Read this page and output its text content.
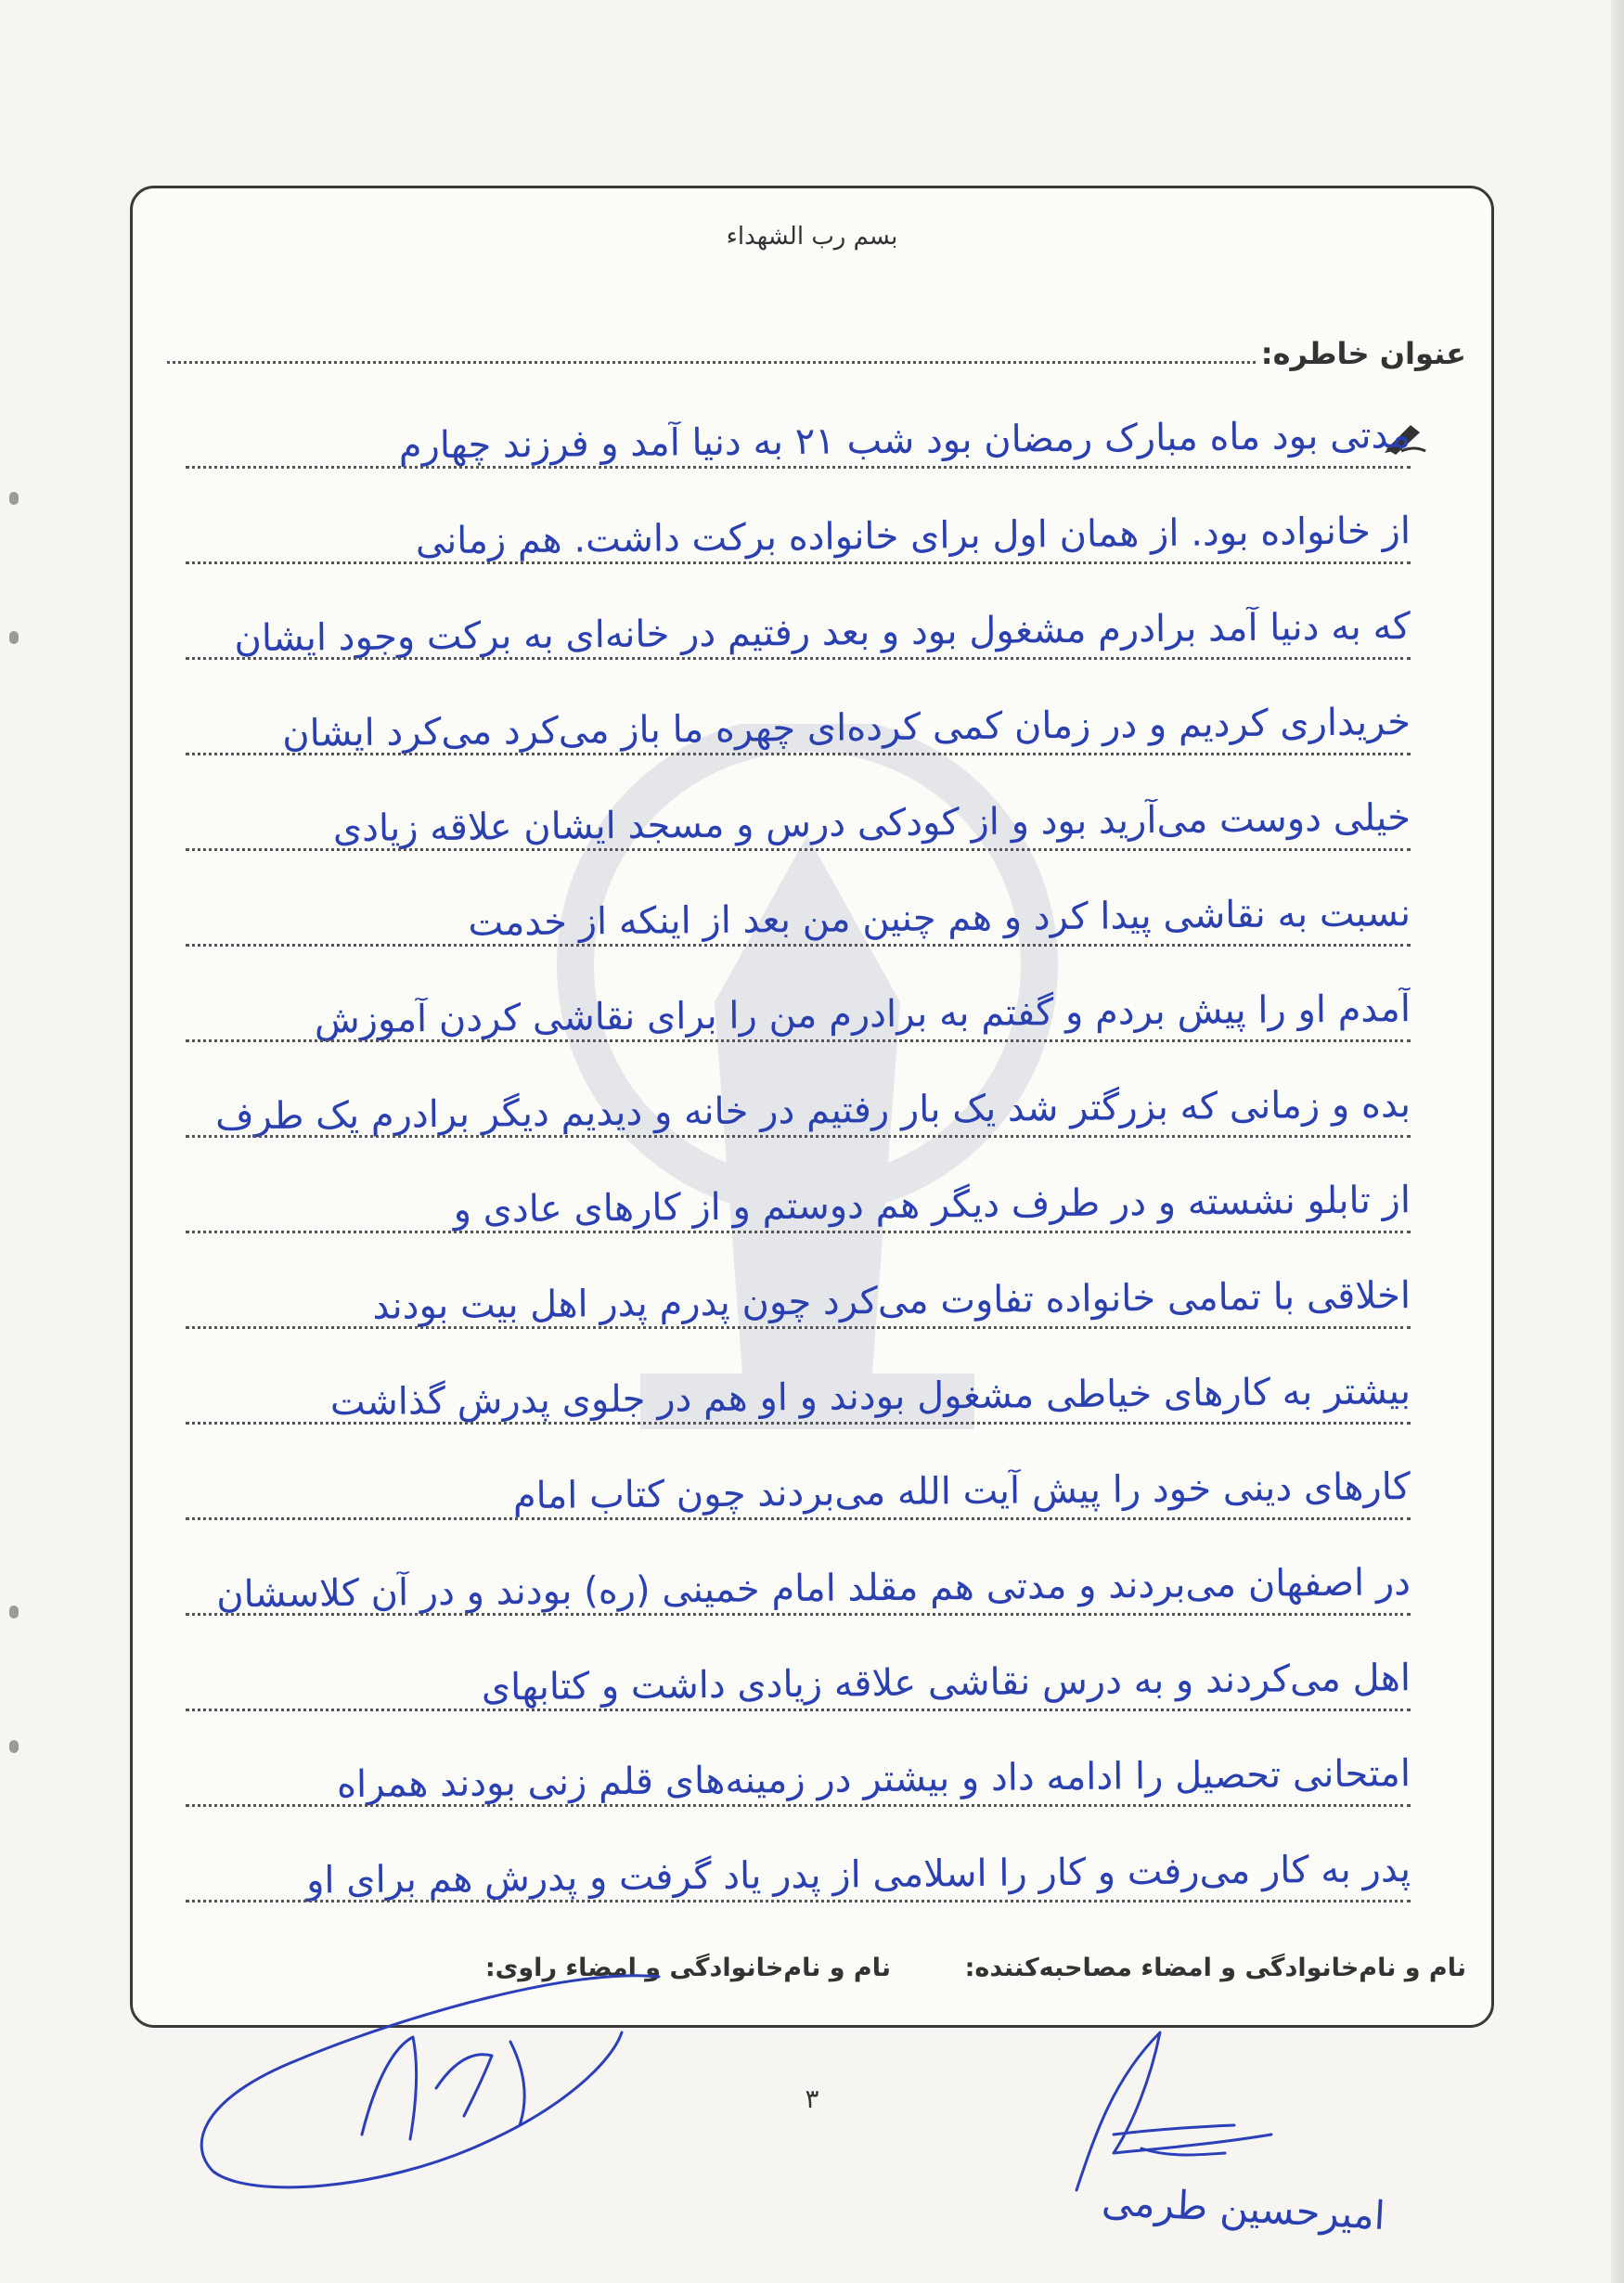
بسم رب الشهداء
عنوان خاطره:
مدتی بود ماه مبارک رمضان بود شب ۲۱ به دنیا آمد و فرزند چهارم
از خانواده بود. از همان اول برای خانواده برکت داشت. هم زمانی
که به دنیا آمد برادرم مشغول بود و بعد رفتیم در خانه‌ای به برکت وجود ایشان
خریداری کردیم و در زمان کمی کرده‌ای چهره ما باز می‌کرد می‌کرد ایشان
خیلی دوست می‌آرید بود و از کودکی درس و مسجد ایشان علاقه زیادی
نسبت به نقاشی پیدا کرد و هم چنین من بعد از اینکه از خدمت
آمدم او را پیش بردم و گفتم به برادرم من را برای نقاشی کردن آموزش
بده و زمانی که بزرگتر شد یک بار رفتیم در خانه و دیدیم دیگر برادرم یک طرف
از تابلو نشسته و در طرف دیگر هم دوستم و از کارهای عادی و
اخلاقی با تمامی خانواده تفاوت می‌کرد چون پدرم پدر اهل بیت بودند
بیشتر به کارهای خیاطی مشغول بودند و او هم در جلوی پدرش گذاشت
کارهای دینی خود را پیش آیت الله می‌بردند چون کتاب امام
در اصفهان می‌بردند و مدتی هم مقلد امام خمینی (ره) بودند و در آن کلاسشان
اهل می‌کردند و به درس نقاشی علاقه زیادی داشت و کتابهای
امتحانی تحصیل را ادامه داد و بیشتر در زمینه‌های قلم زنی بودند همراه
پدر به کار می‌رفت و کار را اسلامی از پدر یاد گرفت و پدرش هم برای او
نام و نام‌خانوادگی و امضاء مصاحبه‌کننده:
نام و نام‌خانوادگی و امضاء راوی:
امیرحسین طرمی
۳
